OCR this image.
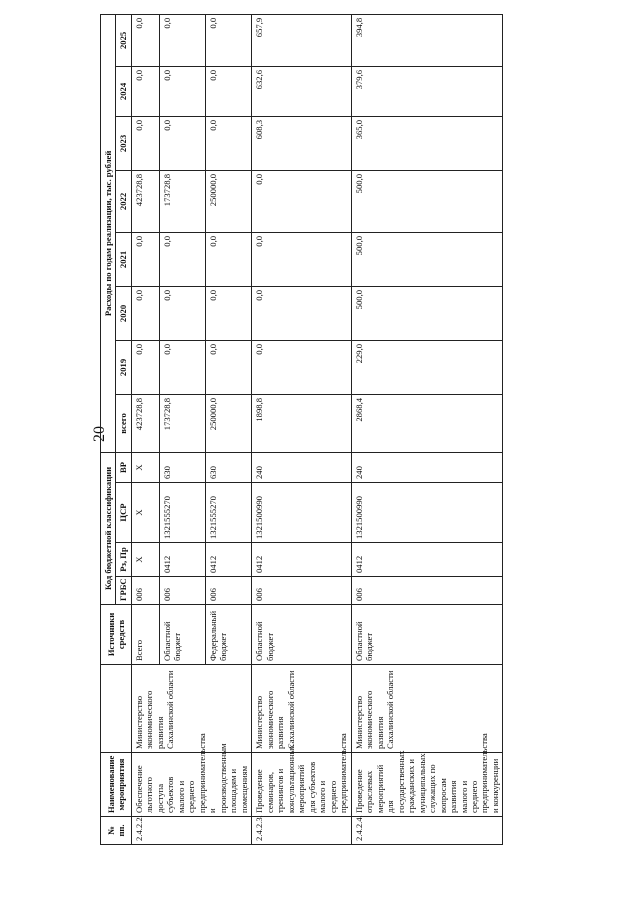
20
№ пп.	Наименование мероприятия		Источники средств	Код бюджетной классификации				Расходы по годам реализации, тыс. рублей							
				ГРБС	Рз, Пр	ЦСР	ВР	всего	2019	2020	2021	2022	2023	2024	2025
2.4.2.2.	Обеспечение льготного доступа субъектов малого и среднего предпринимательства и производственным площадям и помещениям	Министерство экономического развития Сахалинской области	Всего	006	Х	Х	Х	423728,8	0,0	0,0	0,0	423728,8	0,0	0,0	0,0
			Областной бюджет	006	0412	1321555270	630	173728,8	0,0	0,0	0,0	173728,8	0,0	0,0	0,0
			Федеральный бюджет	006	0412	1321555270	630	250000,0	0,0	0,0	0,0	250000,0	0,0	0,0	0,0
2.4.2.3.	Проведение семинаров, тренингов и консультационных мероприятий для субъектов малого и среднего предпринимательства	Министерство экономического развития Сахалинской области	Областной бюджет	006	0412	1321500990	240	1898,8	0,0	0,0	0,0	0,0	608,3	632,6	657,9
2.4.2.4.	Проведение отраслевых мероприятий для государственных гражданских и муниципальных служащих по вопросам развития малого и среднего предпринимательства и конкуренции	Министерство экономического развития Сахалинской области	Областной бюджет	006	0412	1321500990	240	2868,4	229,0	500,0	500,0	500,0	365,0	379,6	394,8
